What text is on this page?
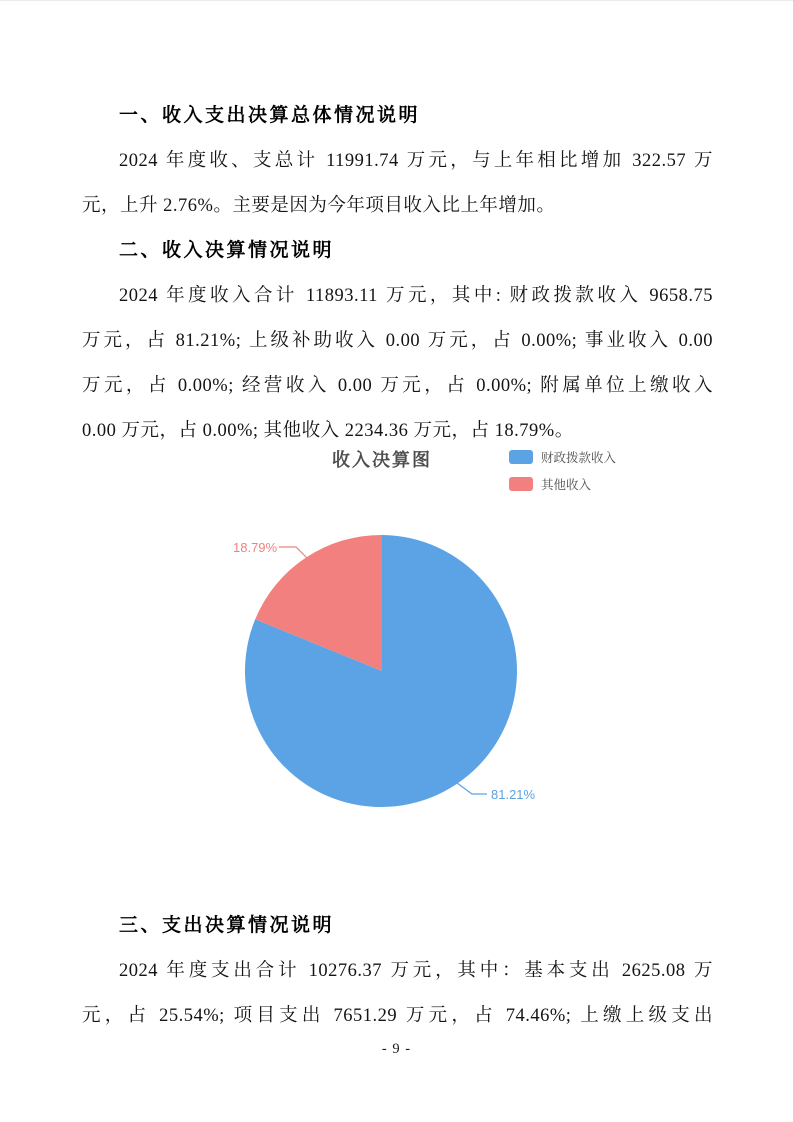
一、收入支出决算总体情况说明
2024 年度收、支总计 11991.74 万元，与上年相比增加 322.57 万
元，上升 2.76%。主要是因为今年项目收入比上年增加。
二、收入决算情况说明
2024 年度收入合计 11893.11 万元，其中: 财政拨款收入 9658.75
万元，占 81.21%; 上级补助收入 0.00 万元，占 0.00%; 事业收入 0.00
万元，占 0.00%; 经营收入 0.00 万元，占 0.00%; 附属单位上缴收入
0.00 万元，占 0.00%; 其他收入 2234.36 万元，占 18.79%。
收入决算图	财政拨款收入
其他收入
18.79%
81.21%
三、支出决算情况说明
2024 年度支出合计 10276.37 万元，其中：基本支出 2625.08 万
元，占 25.54%; 项目支出 7651.29 万元，占 74.46%; 上缴上级支出
- 9 -
